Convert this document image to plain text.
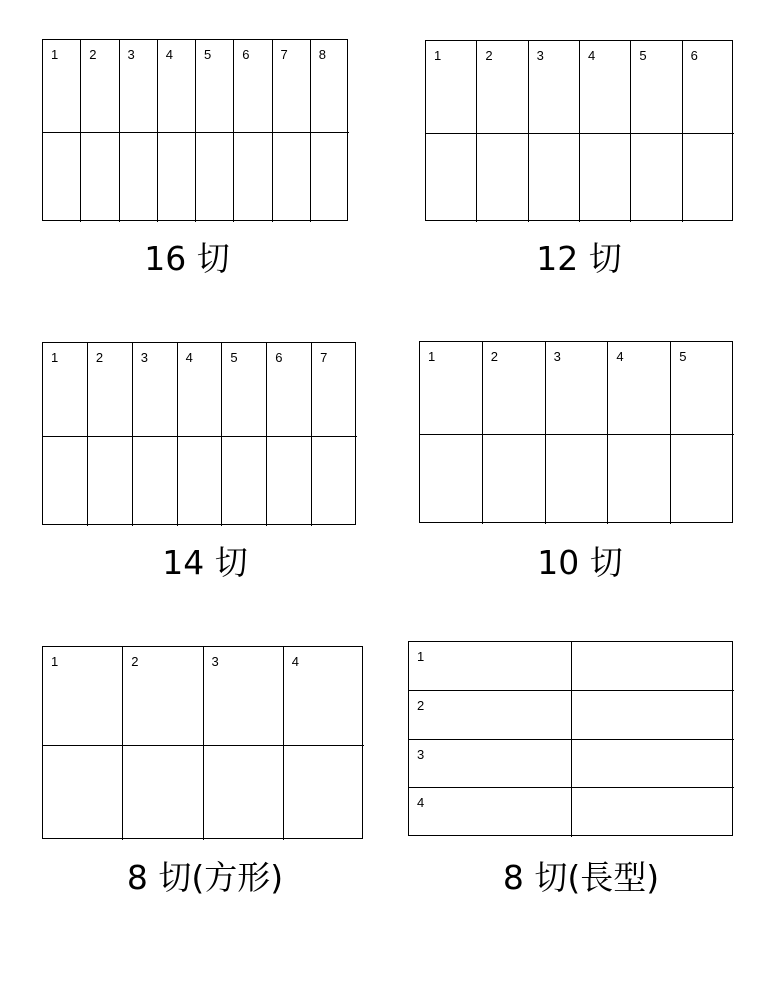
1 2 3 4 5 6 7 8
16 切
1	2	3	4	5	6
12 切
1	2	3	4	5	6	7
14 切
1	2	3	4	5
10 切
1	2	3	4
8 切(方形)
1
2
3
4
8 切(長型)
